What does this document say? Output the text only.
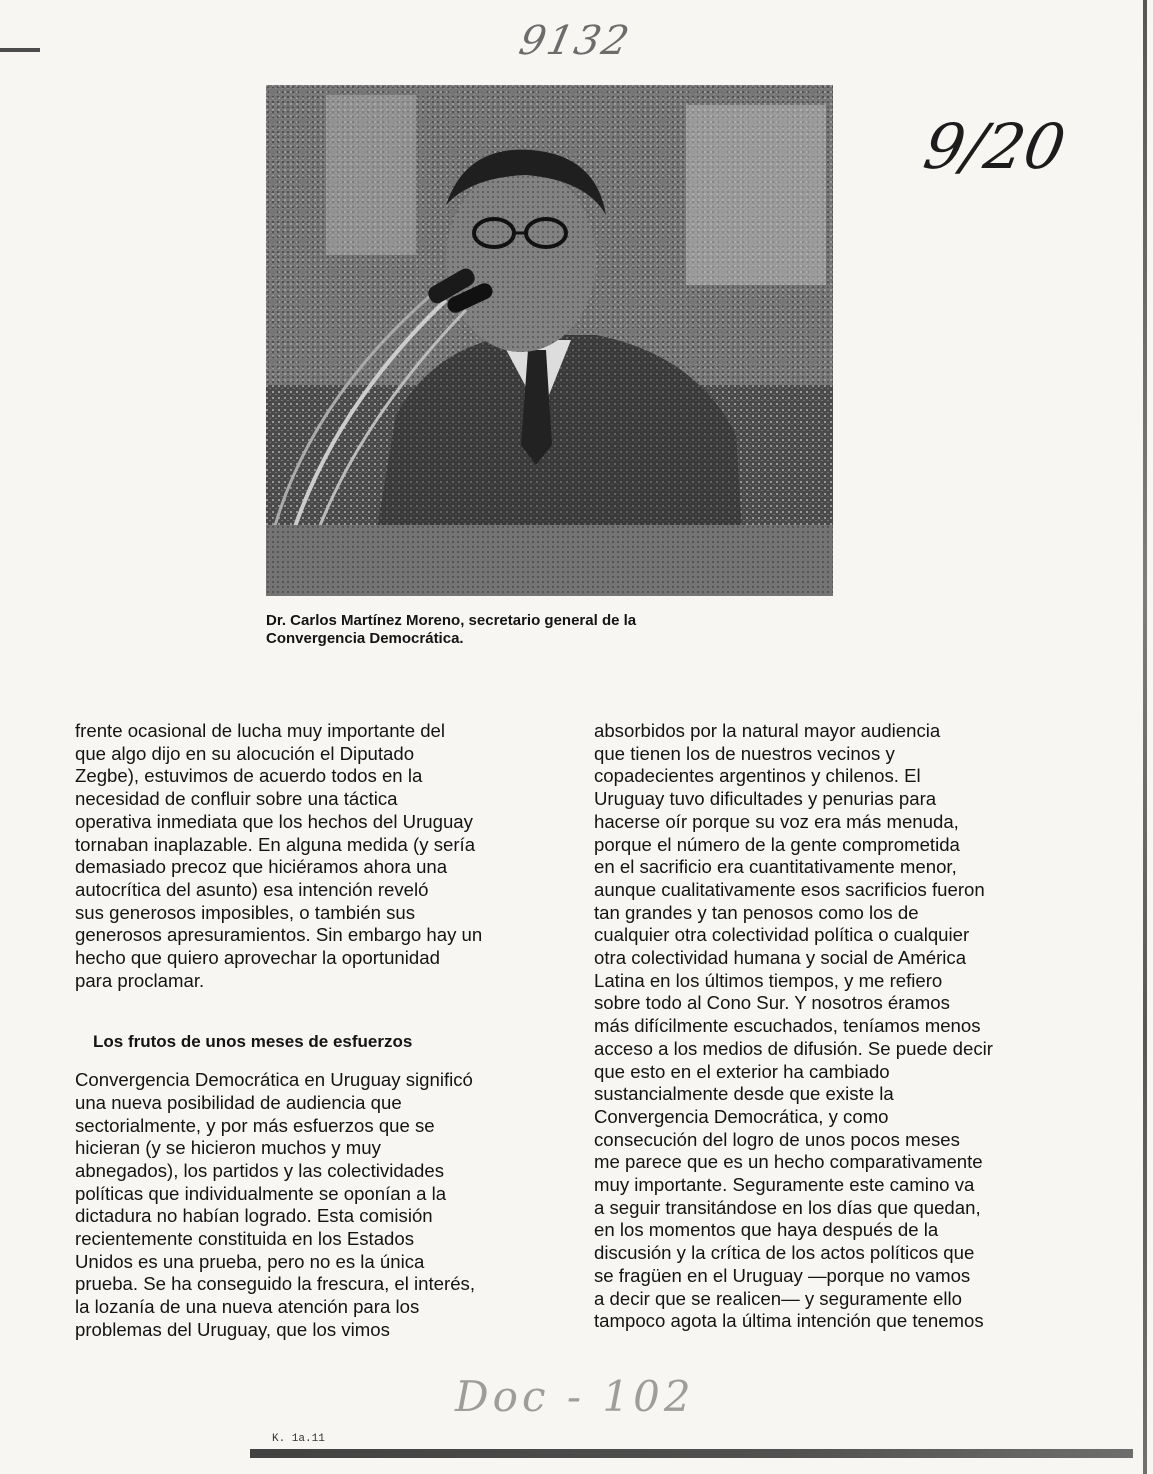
9132
9/20
Dr. Carlos Martínez Moreno, secretario general de la
Convergencia Democrática.

frente ocasional de lucha muy importante del
que algo dijo en su alocución el Diputado
Zegbe), estuvimos de acuerdo todos en la
necesidad de confluir sobre una táctica
operativa inmediata que los hechos del Uruguay
tornaban inaplazable. En alguna medida (y sería
demasiado precoz que hiciéramos ahora una
autocrítica del asunto) esa intención reveló
sus generosos imposibles, o también sus
generosos apresuramientos. Sin embargo hay un
hecho que quiero aprovechar la oportunidad
para proclamar.

Los frutos de unos meses de esfuerzos

Convergencia Democrática en Uruguay significó
una nueva posibilidad de audiencia que
sectorialmente, y por más esfuerzos que se
hicieran (y se hicieron muchos y muy
abnegados), los partidos y las colectividades
políticas que individualmente se oponían a la
dictadura no habían logrado. Esta comisión
recientemente constituida en los Estados
Unidos es una prueba, pero no es la única
prueba. Se ha conseguido la frescura, el interés,
la lozanía de una nueva atención para los
problemas del Uruguay, que los vimos

absorbidos por la natural mayor audiencia
que tienen los de nuestros vecinos y
copadecientes argentinos y chilenos. El
Uruguay tuvo dificultades y penurias para
hacerse oír porque su voz era más menuda,
porque el número de la gente comprometida
en el sacrificio era cuantitativamente menor,
aunque cualitativamente esos sacrificios fueron
tan grandes y tan penosos como los de
cualquier otra colectividad política o cualquier
otra colectividad humana y social de América
Latina en los últimos tiempos, y me refiero
sobre todo al Cono Sur. Y nosotros éramos
más difícilmente escuchados, teníamos menos
acceso a los medios de difusión. Se puede decir
que esto en el exterior ha cambiado
sustancialmente desde que existe la
Convergencia Democrática, y como
consecución del logro de unos pocos meses
me parece que es un hecho comparativamente
muy importante. Seguramente este camino va
a seguir transitándose en los días que quedan,
en los momentos que haya después de la
discusión y la crítica de los actos políticos que
se fragüen en el Uruguay —porque no vamos
a decir que se realicen— y seguramente ello
tampoco agota la última intención que tenemos

Doc - 102
K. 1a.11
